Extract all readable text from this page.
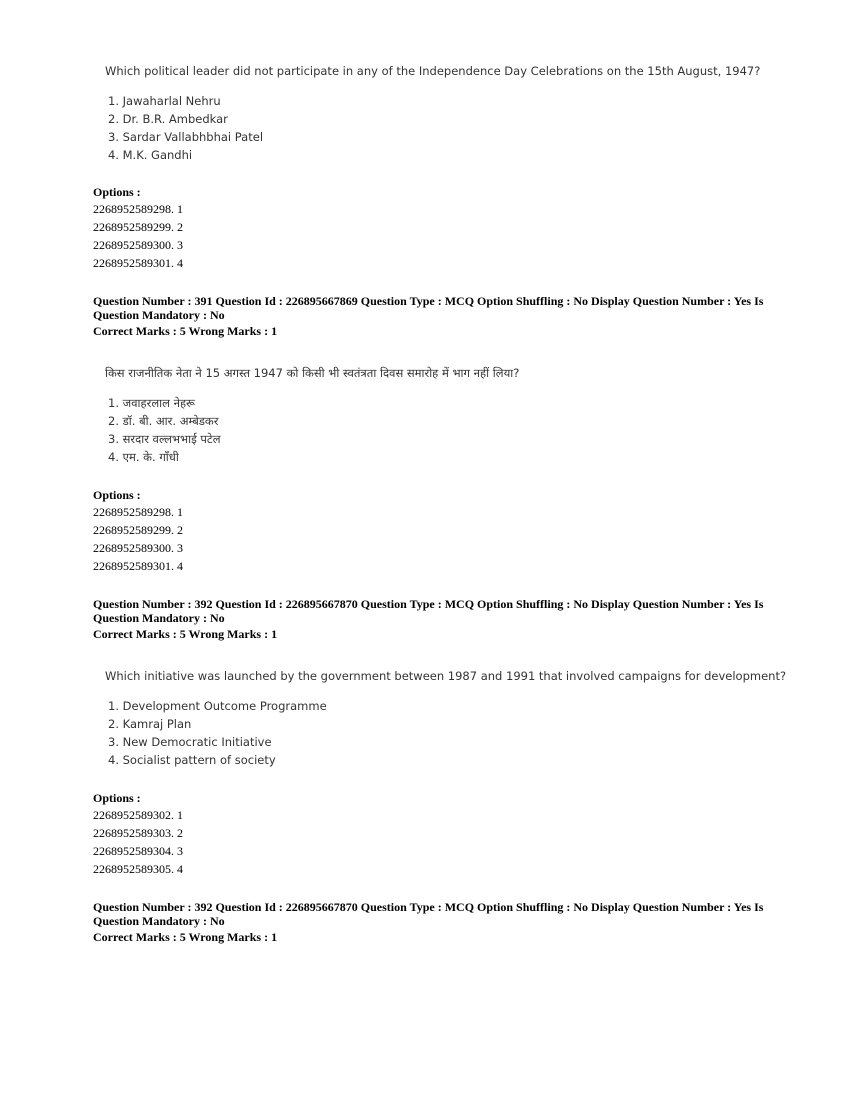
Which political leader did not participate in any of the Independence Day Celebrations on the 15th August, 1947?
1. Jawaharlal Nehru
2. Dr. B.R. Ambedkar
3. Sardar Vallabhbhai Patel
4. M.K. Gandhi
Options :
2268952589298. 1
2268952589299. 2
2268952589300. 3
2268952589301. 4
Question Number : 391 Question Id : 226895667869 Question Type : MCQ Option Shuffling : No Display Question Number : Yes Is
Question Mandatory : No
Correct Marks : 5 Wrong Marks : 1
किस राजनीतिक नेता ने 15 अगस्त 1947 को किसी भी स्वतंत्रता दिवस समारोह में भाग नहीं लिया?
1. जवाहरलाल नेहरू
2. डॉ. बी. आर. अम्बेडकर
3. सरदार वल्लभभाई पटेल
4. एम. के. गाँधी
Options :
2268952589298. 1
2268952589299. 2
2268952589300. 3
2268952589301. 4
Question Number : 392 Question Id : 226895667870 Question Type : MCQ Option Shuffling : No Display Question Number : Yes Is
Question Mandatory : No
Correct Marks : 5 Wrong Marks : 1
Which initiative was launched by the government between 1987 and 1991 that involved campaigns for development?
1. Development Outcome Programme
2. Kamraj Plan
3. New Democratic Initiative
4. Socialist pattern of society
Options :
2268952589302. 1
2268952589303. 2
2268952589304. 3
2268952589305. 4
Question Number : 392 Question Id : 226895667870 Question Type : MCQ Option Shuffling : No Display Question Number : Yes Is
Question Mandatory : No
Correct Marks : 5 Wrong Marks : 1
